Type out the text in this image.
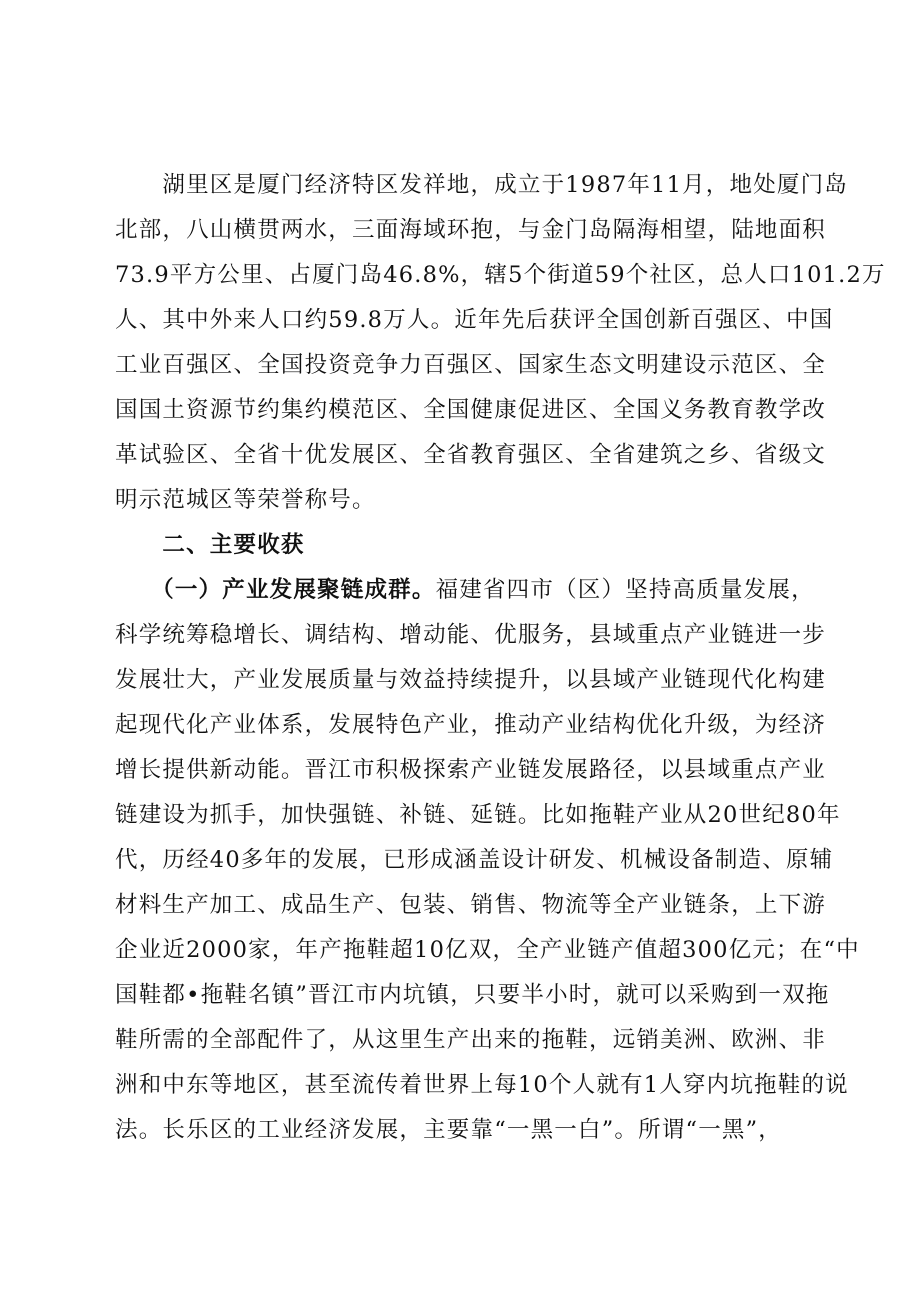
　　湖里区是厦门经济特区发祥地，成立于1987年11月，地处厦门岛
北部，八山横贯两水，三面海域环抱，与金门岛隔海相望，陆地面积
73.9平方公里、占厦门岛46.8%，辖5个街道59个社区，总人口101.2万
人、其中外来人口约59.8万人。近年先后获评全国创新百强区、中国
工业百强区、全国投资竞争力百强区、国家生态文明建设示范区、全
国国土资源节约集约模范区、全国健康促进区、全国义务教育教学改
革试验区、全省十优发展区、全省教育强区、全省建筑之乡、省级文
明示范城区等荣誉称号。
　　二、主要收获
　　（一）产业发展聚链成群。福建省四市（区）坚持高质量发展，
科学统筹稳增长、调结构、增动能、优服务，县域重点产业链进一步
发展壮大，产业发展质量与效益持续提升，以县域产业链现代化构建
起现代化产业体系，发展特色产业，推动产业结构优化升级，为经济
增长提供新动能。晋江市积极探索产业链发展路径，以县域重点产业
链建设为抓手，加快强链、补链、延链。比如拖鞋产业从20世纪80年
代，历经40多年的发展，已形成涵盖设计研发、机械设备制造、原辅
材料生产加工、成品生产、包装、销售、物流等全产业链条，上下游
企业近2000家，年产拖鞋超10亿双，全产业链产值超300亿元；在“中
国鞋都•拖鞋名镇”晋江市内坑镇，只要半小时，就可以采购到一双拖
鞋所需的全部配件了，从这里生产出来的拖鞋，远销美洲、欧洲、非
洲和中东等地区，甚至流传着世界上每10个人就有1人穿内坑拖鞋的说
法。长乐区的工业经济发展，主要靠“一黑一白”。所谓“一黑”，
